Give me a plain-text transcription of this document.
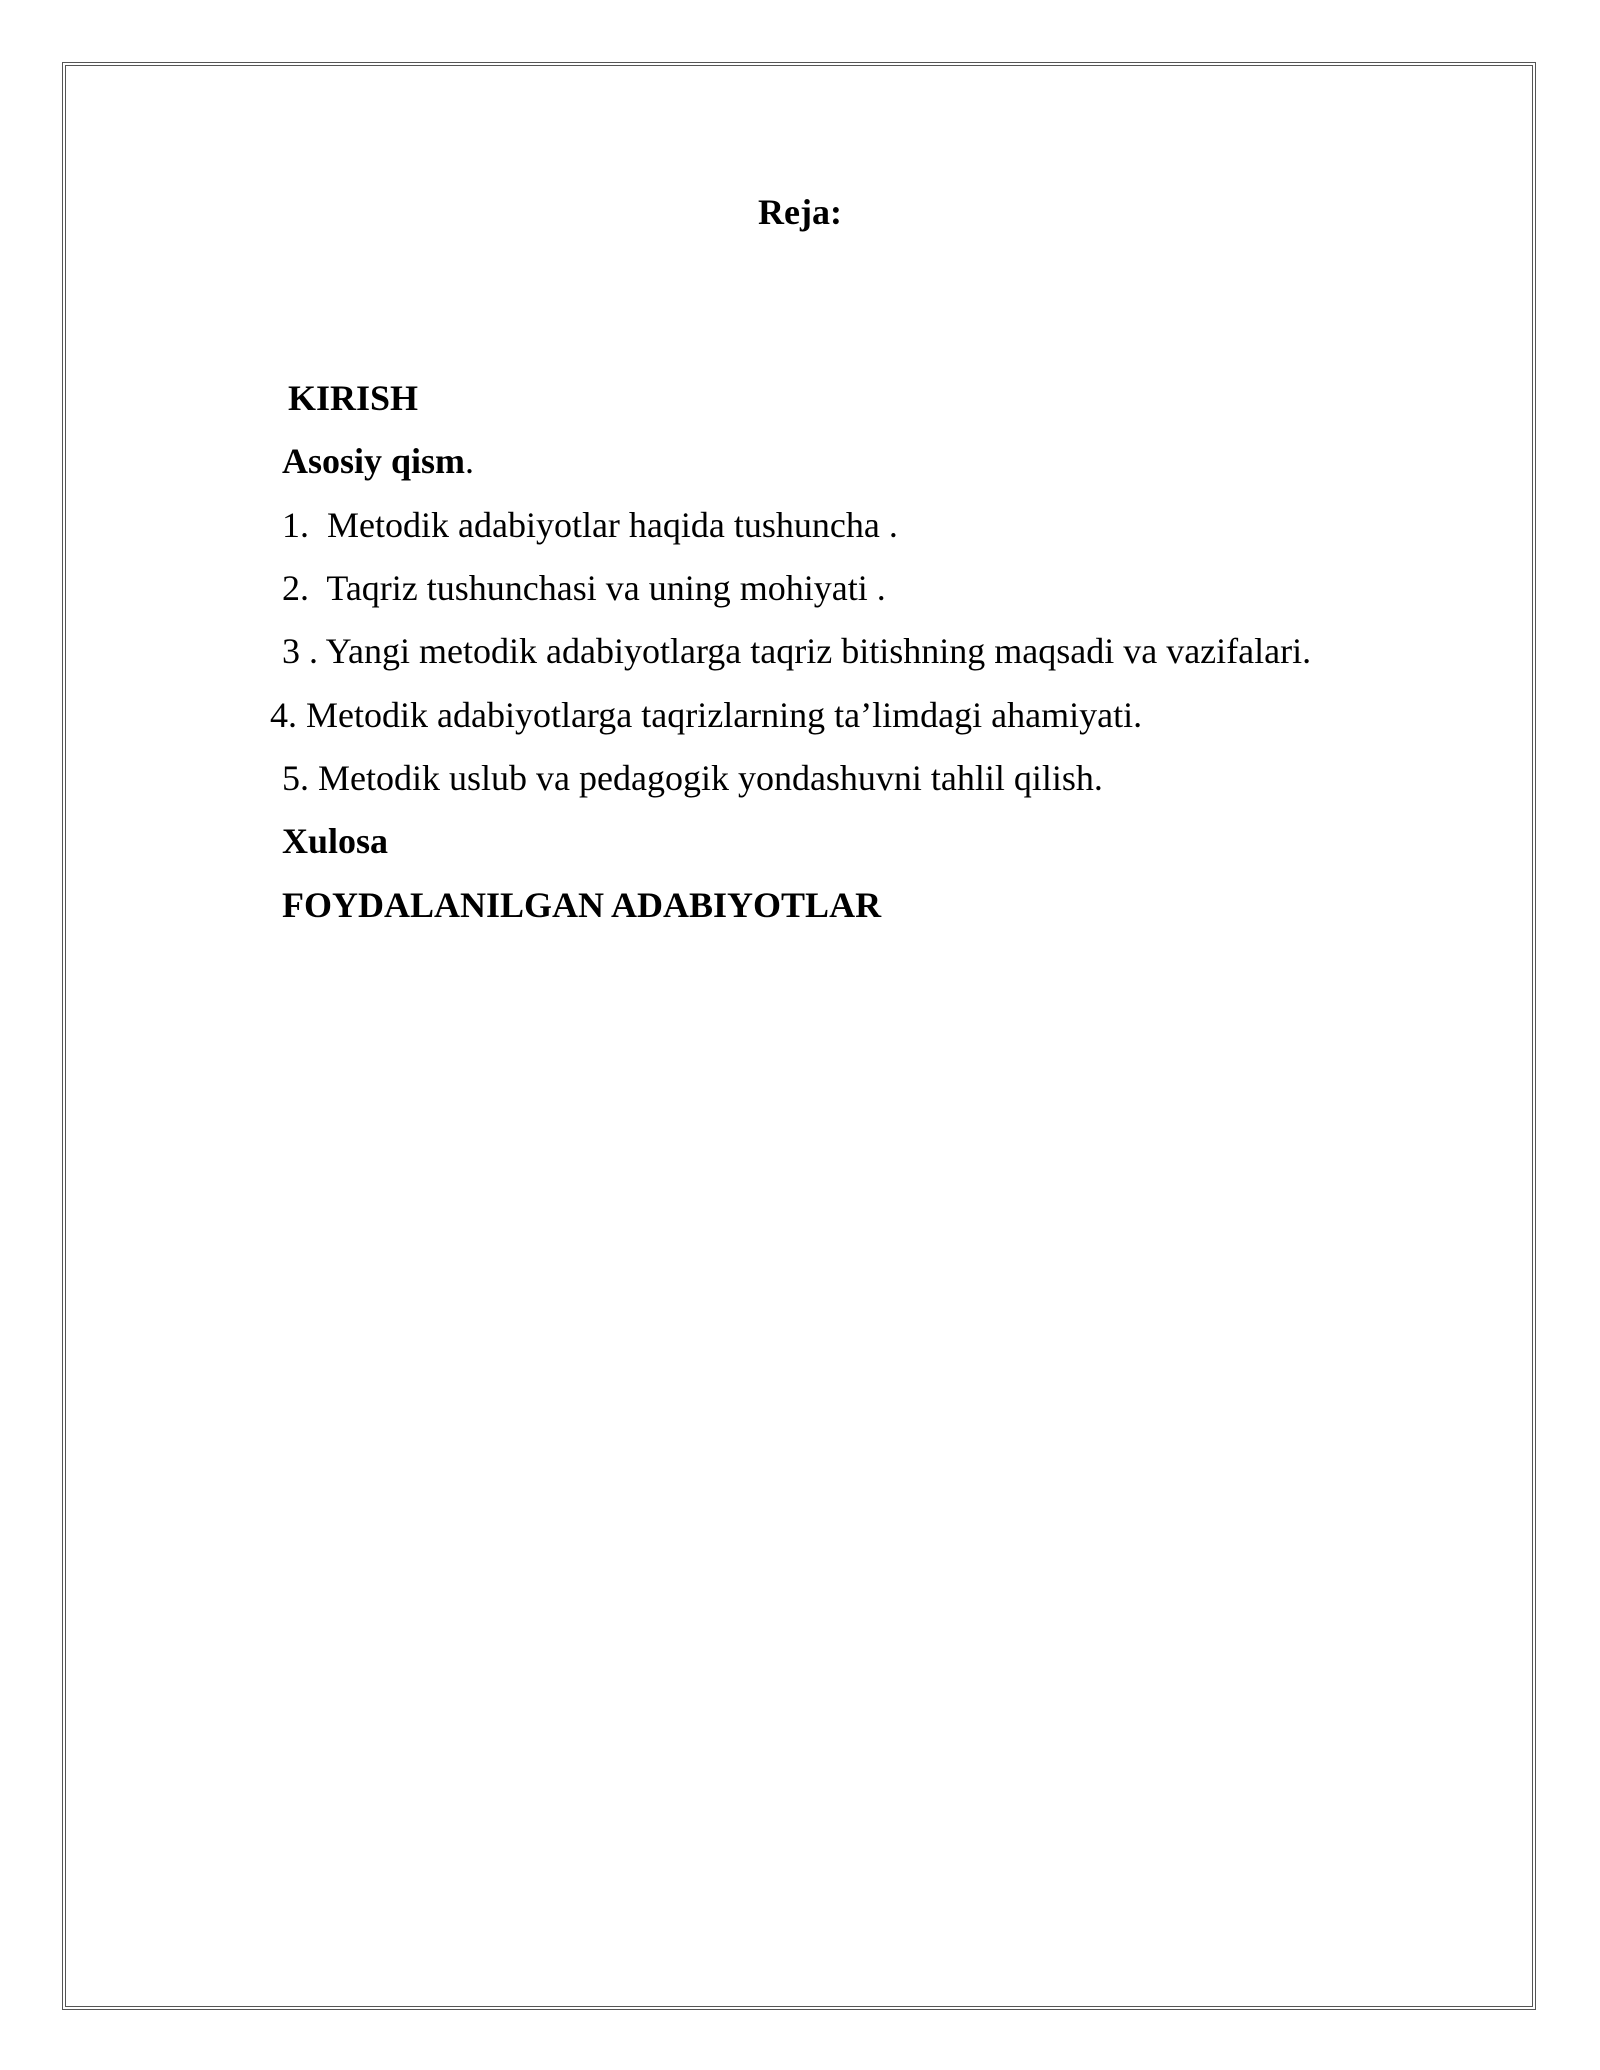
Reja:
KIRISH
Asosiy qism.
1.  Metodik adabiyotlar haqida tushuncha .
2.  Taqriz tushunchasi va uning mohiyati .
3 . Yangi metodik adabiyotlarga taqriz bitishning maqsadi va vazifalari.
4. Metodik adabiyotlarga taqrizlarning ta’limdagi ahamiyati.
5. Metodik uslub va pedagogik yondashuvni tahlil qilish.
Xulosa
FOYDALANILGAN ADABIYOTLAR
